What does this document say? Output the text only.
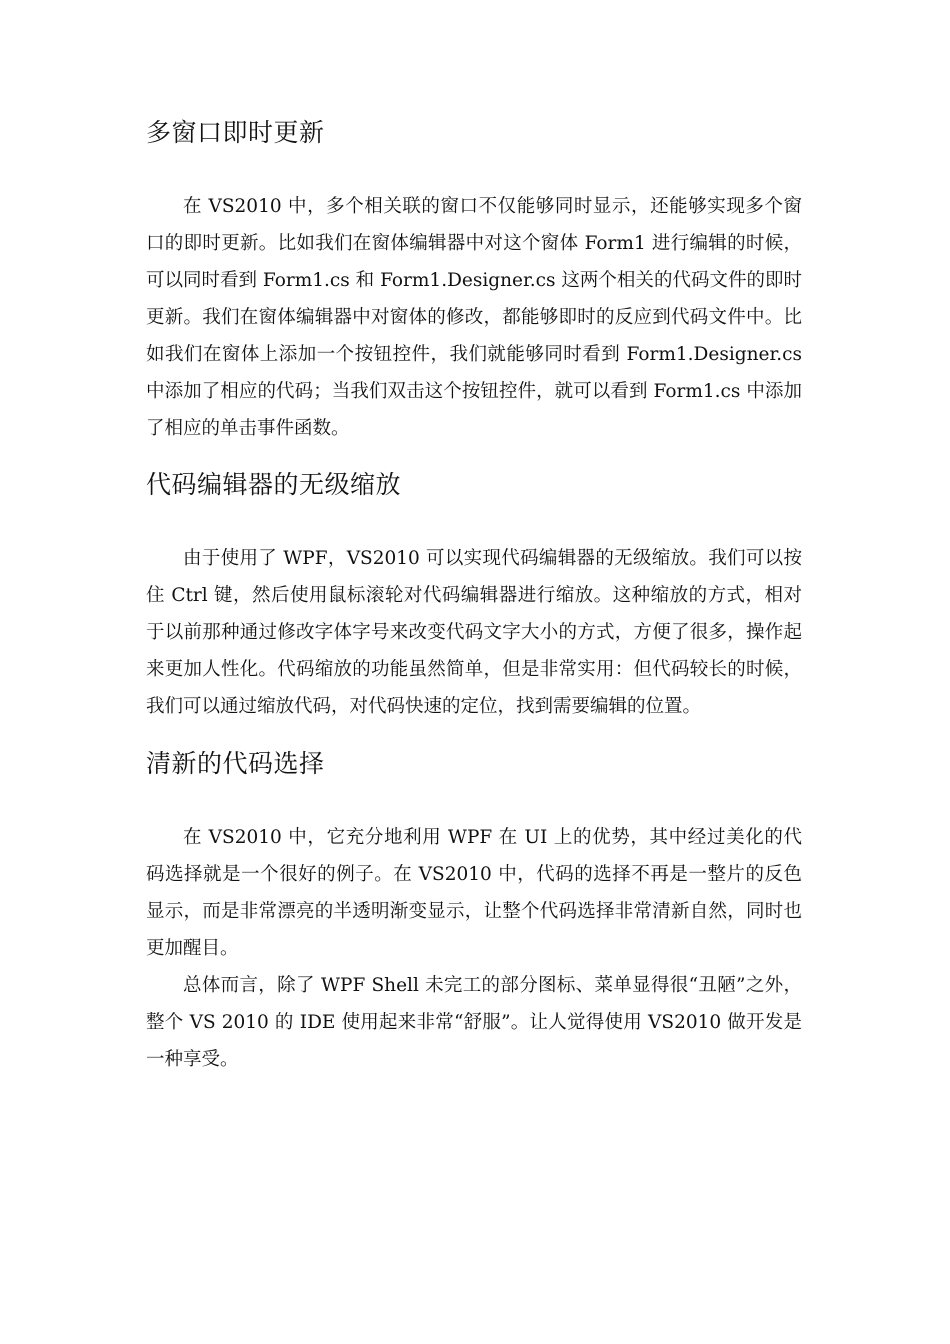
多窗口即时更新

在 VS2010 中，多个相关联的窗口不仅能够同时显示，还能够实现多个窗口的即时更新。比如我们在窗体编辑器中对这个窗体 Form1 进行编辑的时候，可以同时看到 Form1.cs 和 Form1.Designer.cs 这两个相关的代码文件的即时更新。我们在窗体编辑器中对窗体的修改，都能够即时的反应到代码文件中。比如我们在窗体上添加一个按钮控件，我们就能够同时看到 Form1.Designer.cs 中添加了相应的代码；当我们双击这个按钮控件，就可以看到 Form1.cs 中添加了相应的单击事件函数。

代码编辑器的无级缩放

由于使用了 WPF，VS2010 可以实现代码编辑器的无级缩放。我们可以按住 Ctrl 键，然后使用鼠标滚轮对代码编辑器进行缩放。这种缩放的方式，相对于以前那种通过修改字体字号来改变代码文字大小的方式，方便了很多，操作起来更加人性化。代码缩放的功能虽然简单，但是非常实用：但代码较长的时候，我们可以通过缩放代码，对代码快速的定位，找到需要编辑的位置。

清新的代码选择

在 VS2010 中，它充分地利用 WPF 在 UI 上的优势，其中经过美化的代码选择就是一个很好的例子。在 VS2010 中，代码的选择不再是一整片的反色显示，而是非常漂亮的半透明渐变显示，让整个代码选择非常清新自然，同时也更加醒目。

总体而言，除了 WPF Shell 未完工的部分图标、菜单显得很“丑陋”之外，整个 VS 2010 的 IDE 使用起来非常“舒服”。让人觉得使用 VS2010 做开发是一种享受。
